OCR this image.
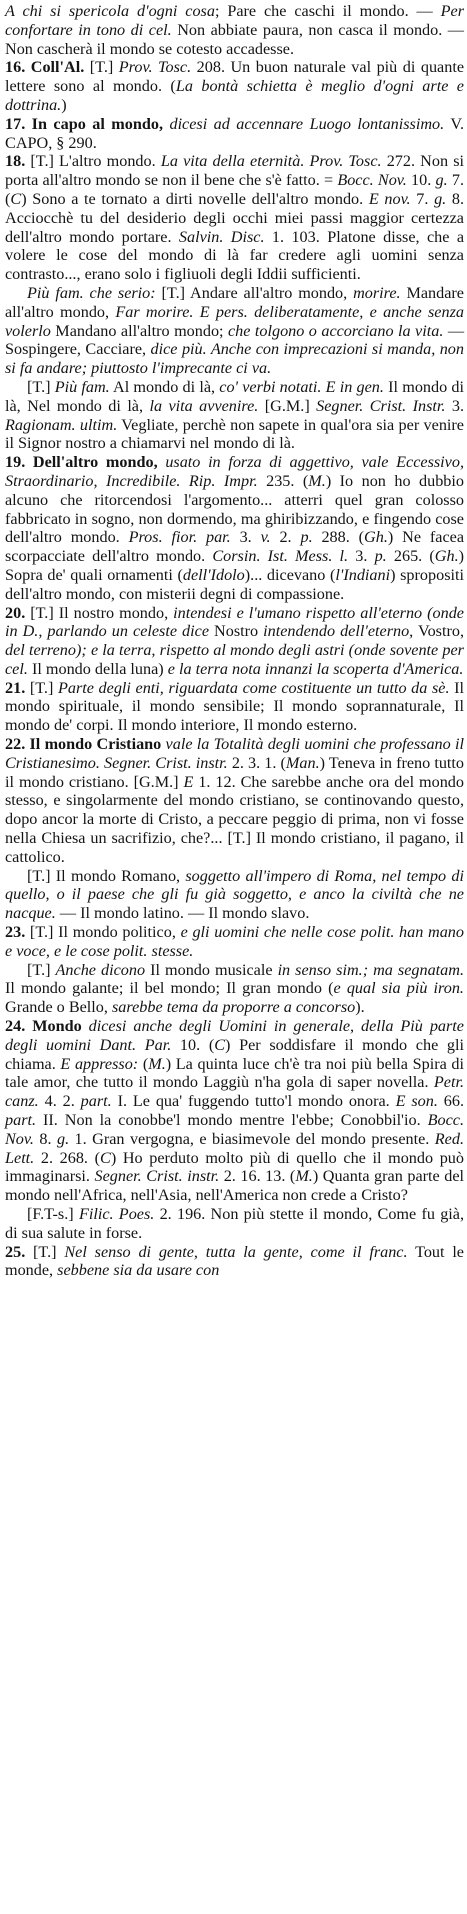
A chi si spericola d'ogni cosa; Pare che caschi il mondo. — Per confortare in tono di cel. Non abbiate paura, non casca il mondo. — Non cascherà il mondo se cotesto accadesse.

16. Coll'Al. [T.] Prov. Tosc. 208. Un buon naturale val più di quante lettere sono al mondo. (La bontà schietta è meglio d'ogni arte e dottrina.)

17. In capo al mondo, dicesi ad accennare Luogo lontanissimo. V. CAPO, § 290.

18. [T.] L'altro mondo. La vita della eternità. Prov. Tosc. 272. Non si porta all'altro mondo se non il bene che s'è fatto. = Bocc. Nov. 10. g. 7. (C) Sono a te tornato a dirti novelle dell'altro mondo. E nov. 7. g. 8. Acciocchè tu del desiderio degli occhi miei passi maggior certezza dell'altro mondo portare. Salvin. Disc. 1. 103. Platone disse, che a volere le cose del mondo di là far credere agli uomini senza contrasto..., erano solo i figliuoli degli Iddii sufficienti.

Più fam. che serio: [T.] Andare all'altro mondo, morire. Mandare all'altro mondo, Far morire. E pers. deliberatamente, e anche senza volerlo Mandano all'altro mondo; che tolgono o accorciano la vita. — Sospingere, Cacciare, dice più. Anche con imprecazioni si manda, non si fa andare; piuttosto l'imprecante ci va.

[T.] Più fam. Al mondo di là, co' verbi notati. E in gen. Il mondo di là, Nel mondo di là, la vita avvenire. [G.M.] Segner. Crist. Instr. 3. Ragionam. ultim. Vegliate, perchè non sapete in qual'ora sia per venire il Signor nostro a chiamarvi nel mondo di là.

19. Dell'altro mondo, usato in forza di aggettivo, vale Eccessivo, Straordinario, Incredibile. Rip. Impr. 235. (M.) Io non ho dubbio alcuno che ritorcendosi l'argomento... atterri quel gran colosso fabbricato in sogno, non dormendo, ma ghiribizzando, e fingendo cose dell'altro mondo. Pros. fior. par. 3. v. 2. p. 288. (Gh.) Ne facea scorpacciate dell'altro mondo. Corsin. Ist. Mess. l. 3. p. 265. (Gh.) Sopra de' quali ornamenti (dell'Idolo)... dicevano (l'Indiani) spropositi dell'altro mondo, con misterii degni di compassione.

20. [T.] Il nostro mondo, intendesi e l'umano rispetto all'eterno (onde in D., parlando un celeste dice Nostro intendendo dell'eterno, Vostro, del terreno); e la terra, rispetto al mondo degli astri (onde sovente per cel. Il mondo della luna) e la terra nota innanzi la scoperta d'America.

21. [T.] Parte degli enti, riguardata come costituente un tutto da sè. Il mondo spirituale, il mondo sensibile; Il mondo soprannaturale, Il mondo de' corpi. Il mondo interiore, Il mondo esterno.

22. Il mondo Cristiano vale la Totalità degli uomini che professano il Cristianesimo. Segner. Crist. instr. 2. 3. 1. (Man.) Teneva in freno tutto il mondo cristiano. [G.M.] E 1. 12. Che sarebbe anche ora del mondo stesso, e singolarmente del mondo cristiano, se continovando questo, dopo ancor la morte di Cristo, a peccare peggio di prima, non vi fosse nella Chiesa un sacrifizio, che?... [T.] Il mondo cristiano, il pagano, il cattolico.

[T.] Il mondo Romano, soggetto all'impero di Roma, nel tempo di quello, o il paese che gli fu già soggetto, e anco la civiltà che ne nacque. — Il mondo latino. — Il mondo slavo.

23. [T.] Il mondo politico, e gli uomini che nelle cose polit. han mano e voce, e le cose polit. stesse.

[T.] Anche dicono Il mondo musicale in senso sim.; ma segnatam. Il mondo galante; il bel mondo; Il gran mondo (e qual sia più iron. Grande o Bello, sarebbe tema da proporre a concorso).

24. Mondo dicesi anche degli Uomini in generale, della Più parte degli uomini Dant. Par. 10. (C) Per soddisfare il mondo che gli chiama. E appresso: (M.) La quinta luce ch'è tra noi più bella Spira di tale amor, che tutto il mondo Laggiù n'ha gola di saper novella. Petr. canz. 4. 2. part. I. Le qua' fuggendo tutto'l mondo onora. E son. 66. part. II. Non la conobbe'l mondo mentre l'ebbe; Conobbil'io. Bocc. Nov. 8. g. 1. Gran vergogna, e biasimevole del mondo presente. Red. Lett. 2. 268. (C) Ho perduto molto più di quello che il mondo può immaginarsi. Segner. Crist. instr. 2. 16. 13. (M.) Quanta gran parte del mondo nell'Africa, nell'Asia, nell'America non crede a Cristo?

[F.T-s.] Filic. Poes. 2. 196. Non più stette il mondo, Come fu già, di sua salute in forse.

25. [T.] Nel senso di gente, tutta la gente, come il franc. Tout le monde, sebbene sia da usare con
